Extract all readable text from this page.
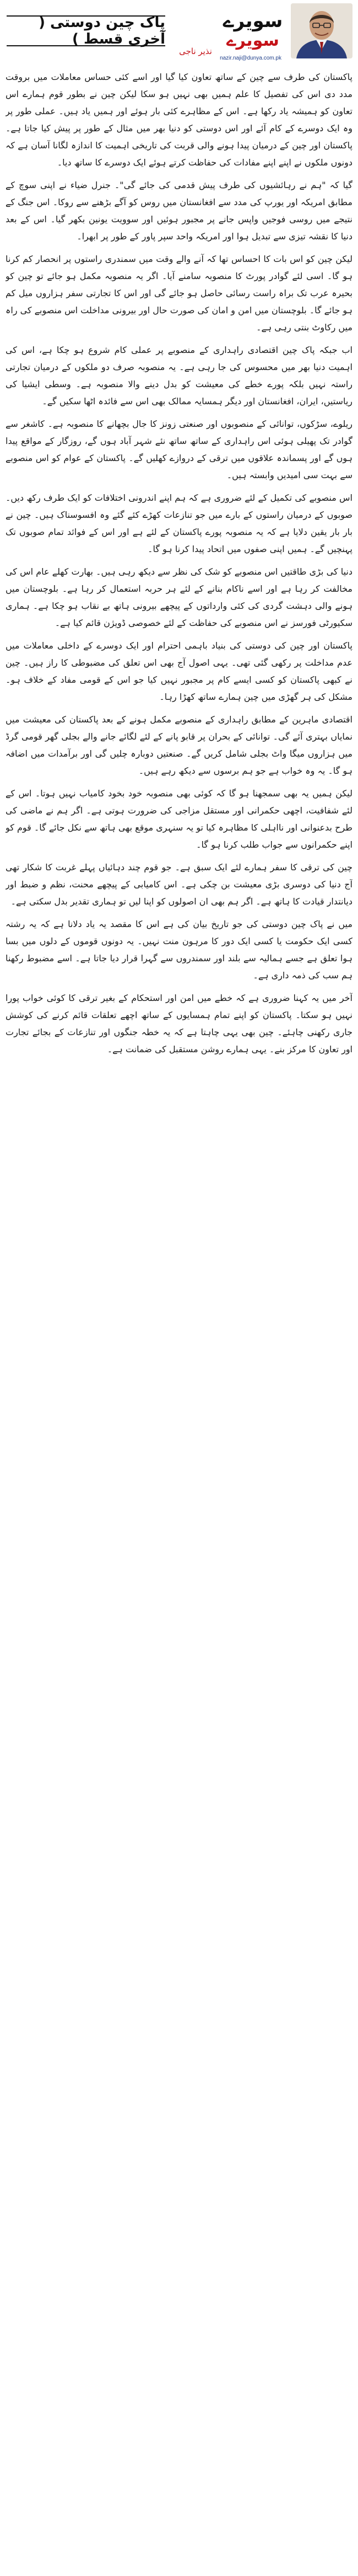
سویرے
سویرے
nazir.naji@dunya.com.pk
نذیر ناجی
پاک چین دوستی ( آخری قسط )

پاکستان کی طرف سے چین کے ساتھ تعاون کیا گیا اور اسے کئی حساس معاملات میں بروقت مدد دی اس کی تفصیل کا علم ہمیں بھی نہیں ہو سکا لیکن چین نے بطور قوم ہمارے اس تعاون کو ہمیشہ یاد رکھا ہے۔ اس کے مظاہرے کئی بار ہوئے اور ہمیں یاد ہیں۔ عملی طور پر وہ ایک دوسرے کے کام آئے اور اس دوستی کو دنیا بھر میں مثال کے طور پر پیش کیا جاتا ہے۔ پاکستان اور چین کے درمیان پیدا ہونے والی قربت کی تاریخی اہمیت کا اندازہ لگانا آسان ہے کہ دونوں ملکوں نے اپنے اپنے مفادات کی حفاظت کرتے ہوئے ایک دوسرے کا ساتھ دیا۔

گیا کہ "ہم نے رہائشیوں کی طرف پیش قدمی کی جائے گی"۔ جنرل ضیاء نے اپنی سوچ کے مطابق امریکہ اور یورپ کی مدد سے افغانستان میں روس کو آگے بڑھنے سے روکا۔ اس جنگ کے نتیجے میں روسی فوجیں واپس جانے پر مجبور ہوئیں اور سوویت یونین بکھر گیا۔ اس کے بعد دنیا کا نقشہ تیزی سے تبدیل ہوا اور امریکہ واحد سپر پاور کے طور پر ابھرا۔

لیکن چین کو اس بات کا احساس تھا کہ آنے والے وقت میں سمندری راستوں پر انحصار کم کرنا ہو گا۔ اسی لئے گوادر پورٹ کا منصوبہ سامنے آیا۔ اگر یہ منصوبہ مکمل ہو جائے تو چین کو بحیرہ عرب تک براہ راست رسائی حاصل ہو جائے گی اور اس کا تجارتی سفر ہزاروں میل کم ہو جائے گا۔ بلوچستان میں امن و امان کی صورت حال اور بیرونی مداخلت اس منصوبے کی راہ میں رکاوٹ بنتی رہی ہے۔

اب جبکہ پاک چین اقتصادی راہداری کے منصوبے پر عملی کام شروع ہو چکا ہے، اس کی اہمیت دنیا بھر میں محسوس کی جا رہی ہے۔ یہ منصوبہ صرف دو ملکوں کے درمیان تجارتی راستہ نہیں بلکہ پورے خطے کی معیشت کو بدل دینے والا منصوبہ ہے۔ وسطی ایشیا کی ریاستیں، ایران، افغانستان اور دیگر ہمسایہ ممالک بھی اس سے فائدہ اٹھا سکیں گے۔

ریلوے، سڑکوں، توانائی کے منصوبوں اور صنعتی زونز کا جال بچھانے کا منصوبہ ہے۔ کاشغر سے گوادر تک پھیلی ہوئی اس راہداری کے ساتھ ساتھ نئے شہر آباد ہوں گے، روزگار کے مواقع پیدا ہوں گے اور پسماندہ علاقوں میں ترقی کے دروازے کھلیں گے۔ پاکستان کے عوام کو اس منصوبے سے بہت سی امیدیں وابستہ ہیں۔

اس منصوبے کی تکمیل کے لئے ضروری ہے کہ ہم اپنے اندرونی اختلافات کو ایک طرف رکھ دیں۔ صوبوں کے درمیان راستوں کے بارے میں جو تنازعات کھڑے کئے گئے وہ افسوسناک ہیں۔ چین نے بار بار یقین دلایا ہے کہ یہ منصوبہ پورے پاکستان کے لئے ہے اور اس کے فوائد تمام صوبوں تک پہنچیں گے۔ ہمیں اپنی صفوں میں اتحاد پیدا کرنا ہو گا۔

دنیا کی بڑی طاقتیں اس منصوبے کو شک کی نظر سے دیکھ رہی ہیں۔ بھارت کھلے عام اس کی مخالفت کر رہا ہے اور اسے ناکام بنانے کے لئے ہر حربہ استعمال کر رہا ہے۔ بلوچستان میں ہونے والی دہشت گردی کی کئی وارداتوں کے پیچھے بیرونی ہاتھ بے نقاب ہو چکا ہے۔ ہماری سکیورٹی فورسز نے اس منصوبے کی حفاظت کے لئے خصوصی ڈویژن قائم کیا ہے۔

پاکستان اور چین کی دوستی کی بنیاد باہمی احترام اور ایک دوسرے کے داخلی معاملات میں عدم مداخلت پر رکھی گئی تھی۔ یہی اصول آج بھی اس تعلق کی مضبوطی کا راز ہیں۔ چین نے کبھی پاکستان کو کسی ایسے کام پر مجبور نہیں کیا جو اس کے قومی مفاد کے خلاف ہو۔ مشکل کی ہر گھڑی میں چین ہمارے ساتھ کھڑا رہا۔

اقتصادی ماہرین کے مطابق راہداری کے منصوبے مکمل ہونے کے بعد پاکستان کی معیشت میں نمایاں بہتری آئے گی۔ توانائی کے بحران پر قابو پانے کے لئے لگائے جانے والے بجلی گھر قومی گرڈ میں ہزاروں میگا واٹ بجلی شامل کریں گے۔ صنعتیں دوبارہ چلیں گی اور برآمدات میں اضافہ ہو گا۔ یہ وہ خواب ہے جو ہم برسوں سے دیکھ رہے ہیں۔

لیکن ہمیں یہ بھی سمجھنا ہو گا کہ کوئی بھی منصوبہ خود بخود کامیاب نہیں ہوتا۔ اس کے لئے شفافیت، اچھی حکمرانی اور مستقل مزاجی کی ضرورت ہوتی ہے۔ اگر ہم نے ماضی کی طرح بدعنوانی اور نااہلی کا مظاہرہ کیا تو یہ سنہری موقع بھی ہاتھ سے نکل جائے گا۔ قوم کو اپنے حکمرانوں سے جواب طلب کرنا ہو گا۔

چین کی ترقی کا سفر ہمارے لئے ایک سبق ہے۔ جو قوم چند دہائیاں پہلے غربت کا شکار تھی آج دنیا کی دوسری بڑی معیشت بن چکی ہے۔ اس کامیابی کے پیچھے محنت، نظم و ضبط اور دیانتدار قیادت کا ہاتھ ہے۔ اگر ہم بھی ان اصولوں کو اپنا لیں تو ہماری تقدیر بدل سکتی ہے۔

میں نے پاک چین دوستی کی جو تاریخ بیان کی ہے اس کا مقصد یہ یاد دلانا ہے کہ یہ رشتہ کسی ایک حکومت یا کسی ایک دور کا مرہون منت نہیں۔ یہ دونوں قوموں کے دلوں میں بسا ہوا تعلق ہے جسے ہمالیہ سے بلند اور سمندروں سے گہرا قرار دیا جاتا ہے۔ اسے مضبوط رکھنا ہم سب کی ذمہ داری ہے۔

آخر میں یہ کہنا ضروری ہے کہ خطے میں امن اور استحکام کے بغیر ترقی کا کوئی خواب پورا نہیں ہو سکتا۔ پاکستان کو اپنے تمام ہمسایوں کے ساتھ اچھے تعلقات قائم کرنے کی کوشش جاری رکھنی چاہئے۔ چین بھی یہی چاہتا ہے کہ یہ خطہ جنگوں اور تنازعات کے بجائے تجارت اور تعاون کا مرکز بنے۔ یہی ہمارے روشن مستقبل کی ضمانت ہے۔
